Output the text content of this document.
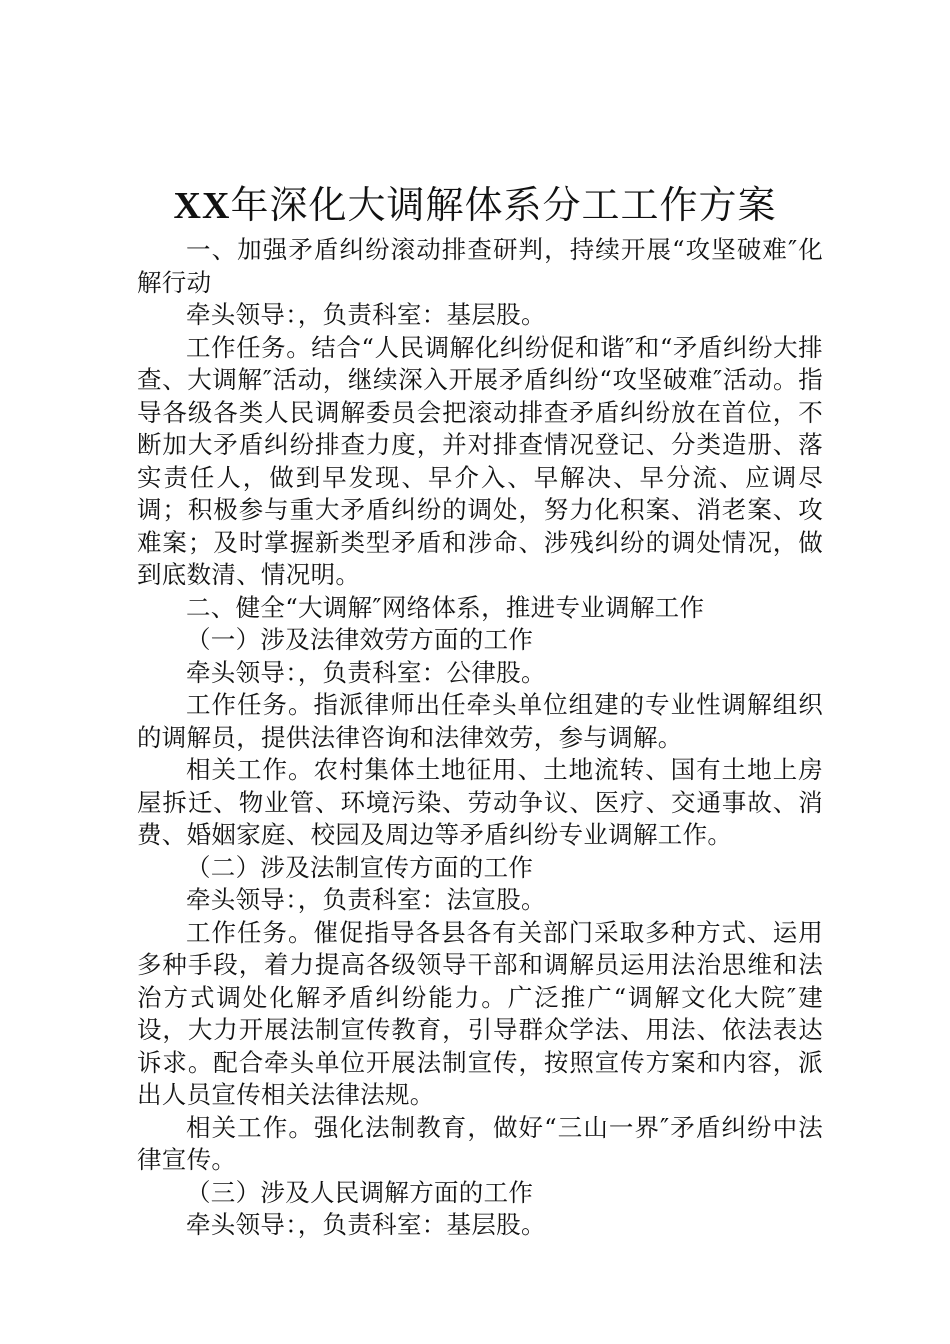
XX年深化大调解体系分工工作方案

一、加强矛盾纠纷滚动排查研判，持续开展“攻坚破难″化解行动

牵头领导：，负责科室：基层股。

工作任务。结合“人民调解化纠纷促和谐″和“矛盾纠纷大排查、大调解″活动，继续深入开展矛盾纠纷“攻坚破难″活动。指导各级各类人民调解委员会把滚动排查矛盾纠纷放在首位，不断加大矛盾纠纷排查力度，并对排查情况登记、分类造册、落实责任人，做到早发现、早介入、早解决、早分流、应调尽调；积极参与重大矛盾纠纷的调处，努力化积案、消老案、攻难案；及时掌握新类型矛盾和涉命、涉残纠纷的调处情况，做到底数清、情况明。

二、健全“大调解″网络体系，推进专业调解工作

（一）涉及法律效劳方面的工作

牵头领导：，负责科室：公律股。

工作任务。指派律师出任牵头单位组建的专业性调解组织的调解员，提供法律咨询和法律效劳，参与调解。

相关工作。农村集体土地征用、土地流转、国有土地上房屋拆迁、物业管、环境污染、劳动争议、医疗、交通事故、消费、婚姻家庭、校园及周边等矛盾纠纷专业调解工作。

（二）涉及法制宣传方面的工作

牵头领导：，负责科室：法宣股。

工作任务。催促指导各县各有关部门采取多种方式、运用多种手段，着力提高各级领导干部和调解员运用法治思维和法治方式调处化解矛盾纠纷能力。广泛推广“调解文化大院″建设，大力开展法制宣传教育，引导群众学法、用法、依法表达诉求。配合牵头单位开展法制宣传，按照宣传方案和内容，派出人员宣传相关法律法规。

相关工作。强化法制教育，做好“三山一界″矛盾纠纷中法律宣传。

（三）涉及人民调解方面的工作

牵头领导：，负责科室：基层股。
